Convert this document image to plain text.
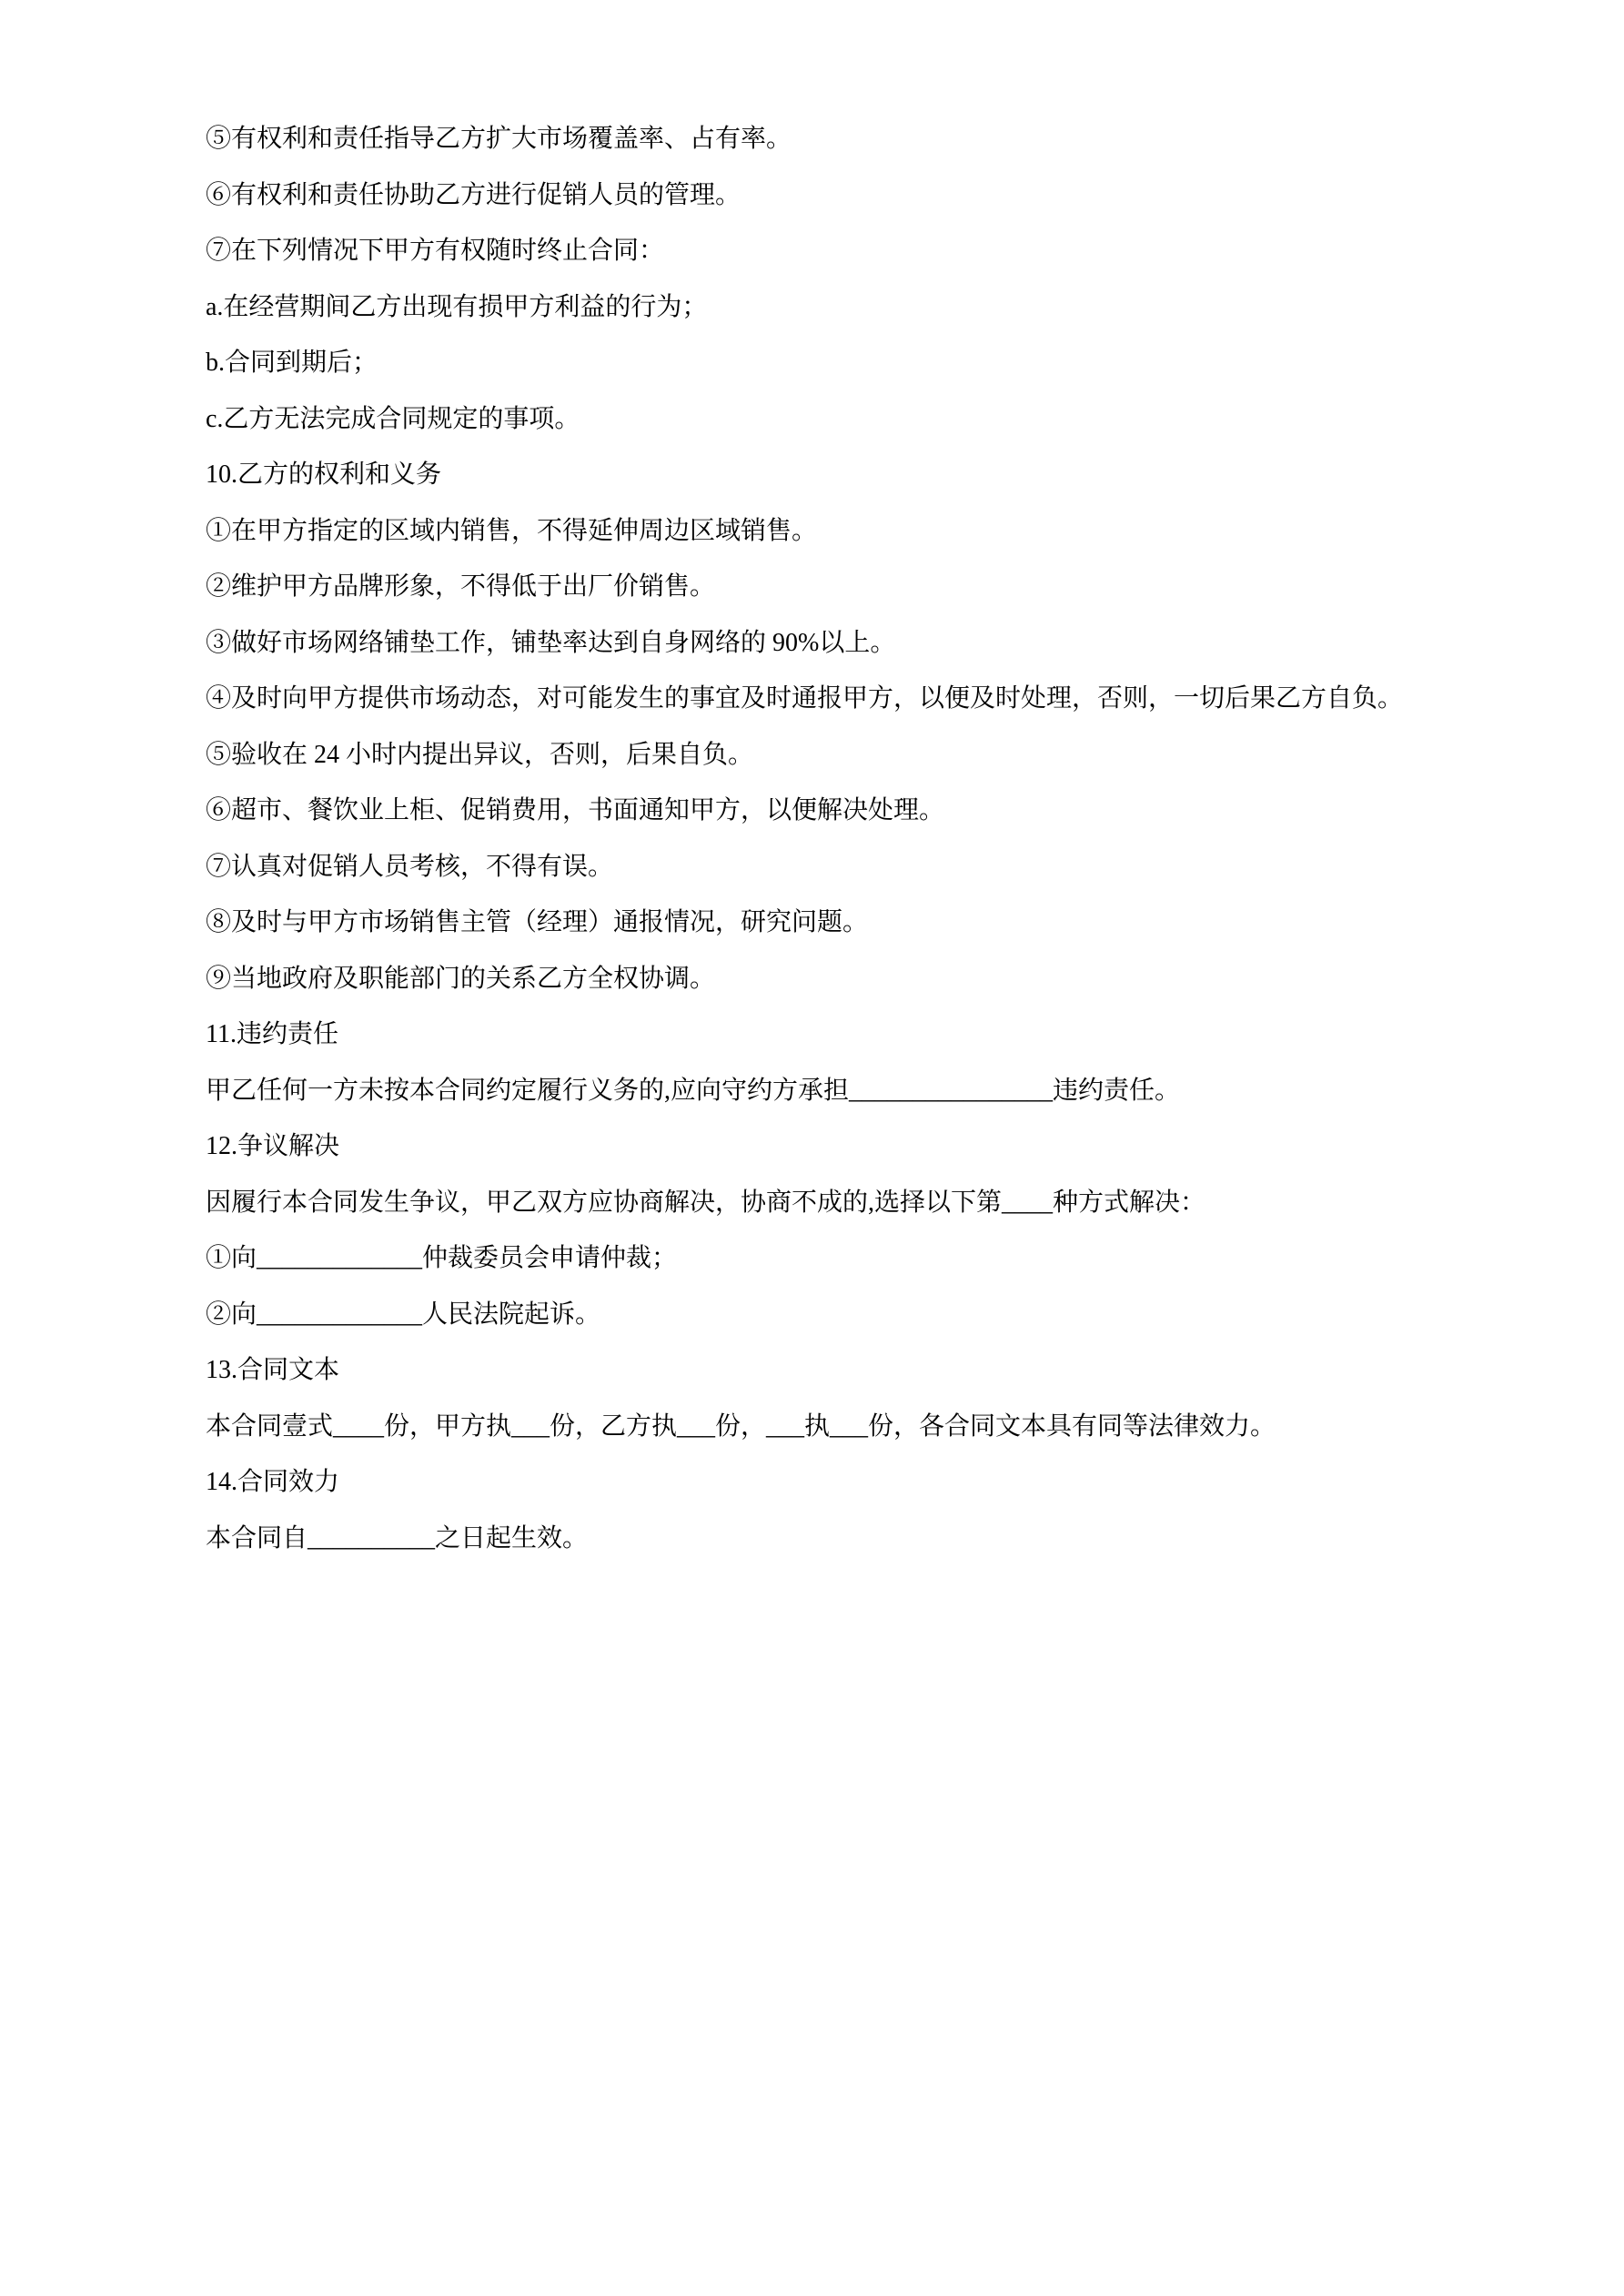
⑤有权利和责任指导乙方扩大市场覆盖率、占有率。

⑥有权利和责任协助乙方进行促销人员的管理。

⑦在下列情况下甲方有权随时终止合同：

a.在经营期间乙方出现有损甲方利益的行为；

b.合同到期后；

c.乙方无法完成合同规定的事项。

10.乙方的权利和义务

①在甲方指定的区域内销售，不得延伸周边区域销售。

②维护甲方品牌形象，不得低于出厂价销售。

③做好市场网络铺垫工作，铺垫率达到自身网络的 90%以上。

④及时向甲方提供市场动态，对可能发生的事宜及时通报甲方，以便及时处理，否则，一切后果乙方自负。

⑤验收在 24 小时内提出异议，否则，后果自负。

⑥超市、餐饮业上柜、促销费用，书面通知甲方，以便解决处理。

⑦认真对促销人员考核，不得有误。

⑧及时与甲方市场销售主管（经理）通报情况，研究问题。

⑨当地政府及职能部门的关系乙方全权协调。

11.违约责任

甲乙任何一方未按本合同约定履行义务的,应向守约方承担________________违约责任。

12.争议解决

因履行本合同发生争议，甲乙双方应协商解决，协商不成的,选择以下第____种方式解决：

①向_____________仲裁委员会申请仲裁；

②向_____________人民法院起诉。

13.合同文本

本合同壹式____份，甲方执___份，乙方执___份，___执___份，各合同文本具有同等法律效力。

14.合同效力

本合同自__________之日起生效。
